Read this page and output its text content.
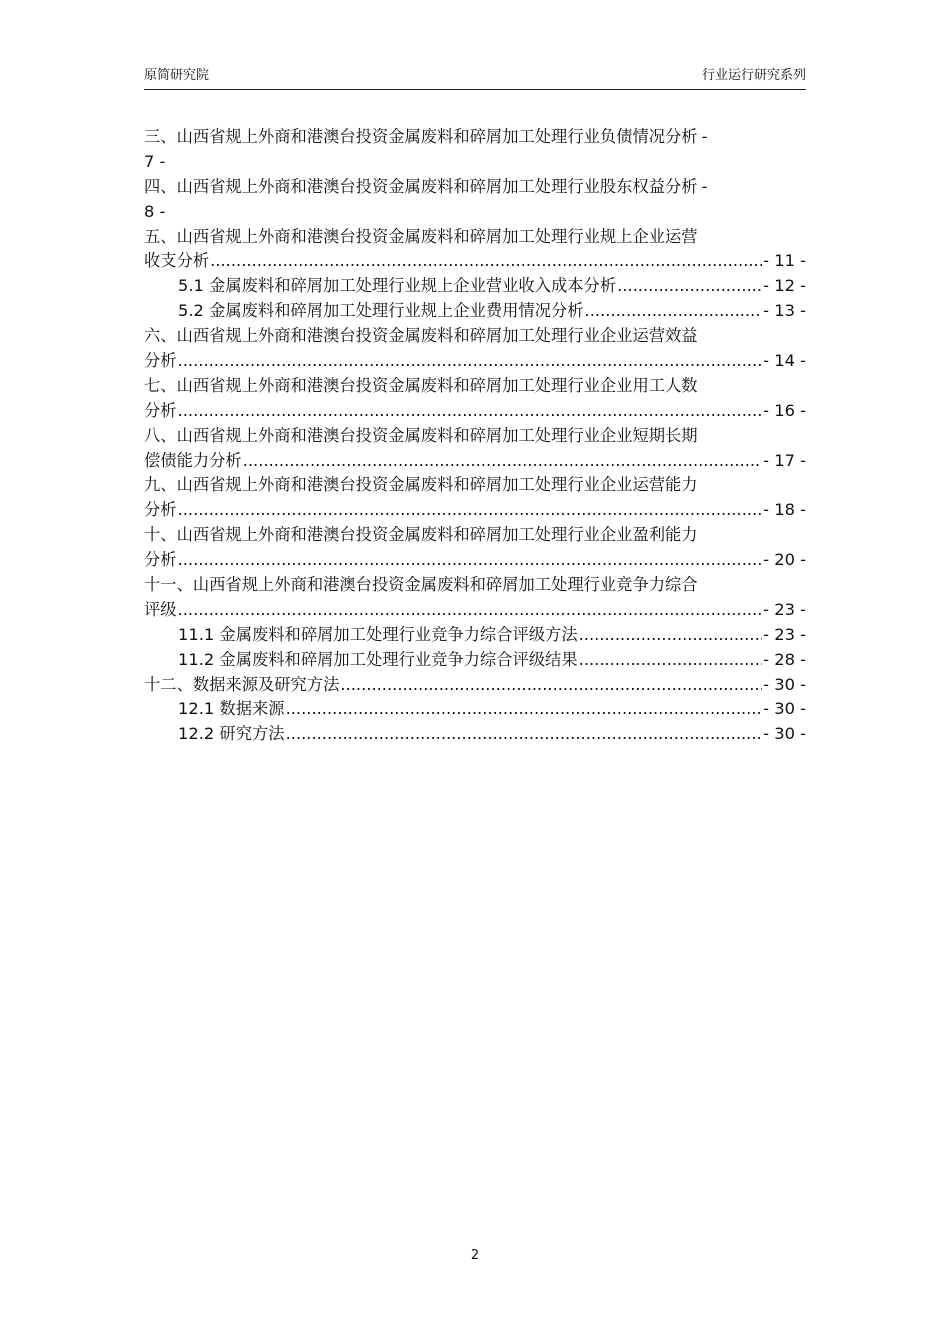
原简研究院	行业运行研究系列
三、山西省规上外商和港澳台投资金属废料和碎屑加工处理行业负债情况分析 -
7 -
四、山西省规上外商和港澳台投资金属废料和碎屑加工处理行业股东权益分析 -
8 -
五、山西省规上外商和港澳台投资金属废料和碎屑加工处理行业规上企业运营
收支分析 .....	- 11 -
5.1 金属废料和碎屑加工处理行业规上企业营业收入成本分析 .....	- 12 -
5.2 金属废料和碎屑加工处理行业规上企业费用情况分析 .....	- 13 -
六、山西省规上外商和港澳台投资金属废料和碎屑加工处理行业企业运营效益
分析 .....	- 14 -
七、山西省规上外商和港澳台投资金属废料和碎屑加工处理行业企业用工人数
分析 .....	- 16 -
八、山西省规上外商和港澳台投资金属废料和碎屑加工处理行业企业短期长期
偿债能力分析 .....	- 17 -
九、山西省规上外商和港澳台投资金属废料和碎屑加工处理行业企业运营能力
分析 .....	- 18 -
十、山西省规上外商和港澳台投资金属废料和碎屑加工处理行业企业盈利能力
分析 .....	- 20 -
十一、山西省规上外商和港澳台投资金属废料和碎屑加工处理行业竞争力综合
评级 .....	- 23 -
11.1 金属废料和碎屑加工处理行业竞争力综合评级方法 .....	- 23 -
11.2 金属废料和碎屑加工处理行业竞争力综合评级结果 .....	- 28 -
十二、数据来源及研究方法 .....	- 30 -
12.1 数据来源 .....	- 30 -
12.2 研究方法 .....	- 30 -
2
